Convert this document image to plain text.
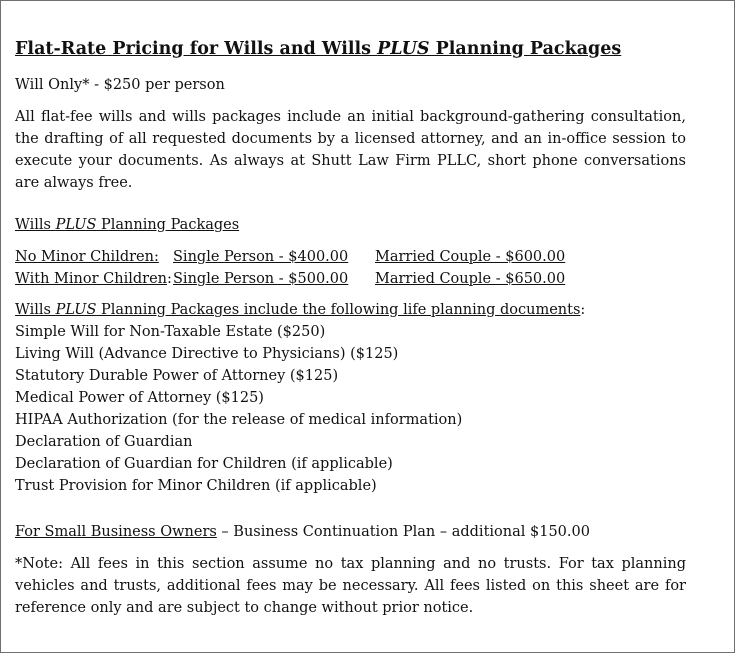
Flat-Rate Pricing for Wills and Wills PLUS Planning Packages
Will Only* - $250 per person
All flat-fee wills and wills packages include an initial background-gathering consultation, the drafting of all requested documents by a licensed attorney, and an in-office session to execute your documents. As always at Shutt Law Firm PLLC, short phone conversations are always free.
Wills PLUS Planning Packages
No Minor Children: Single Person - $400.00 Married Couple - $600.00
With Minor Children: Single Person - $500.00 Married Couple - $650.00
Wills PLUS Planning Packages include the following life planning documents:
Simple Will for Non-Taxable Estate ($250)
Living Will (Advance Directive to Physicians) ($125)
Statutory Durable Power of Attorney ($125)
Medical Power of Attorney ($125)
HIPAA Authorization (for the release of medical information)
Declaration of Guardian
Declaration of Guardian for Children (if applicable)
Trust Provision for Minor Children (if applicable)
For Small Business Owners – Business Continuation Plan – additional $150.00
*Note: All fees in this section assume no tax planning and no trusts. For tax planning vehicles and trusts, additional fees may be necessary. All fees listed on this sheet are for reference only and are subject to change without prior notice.
